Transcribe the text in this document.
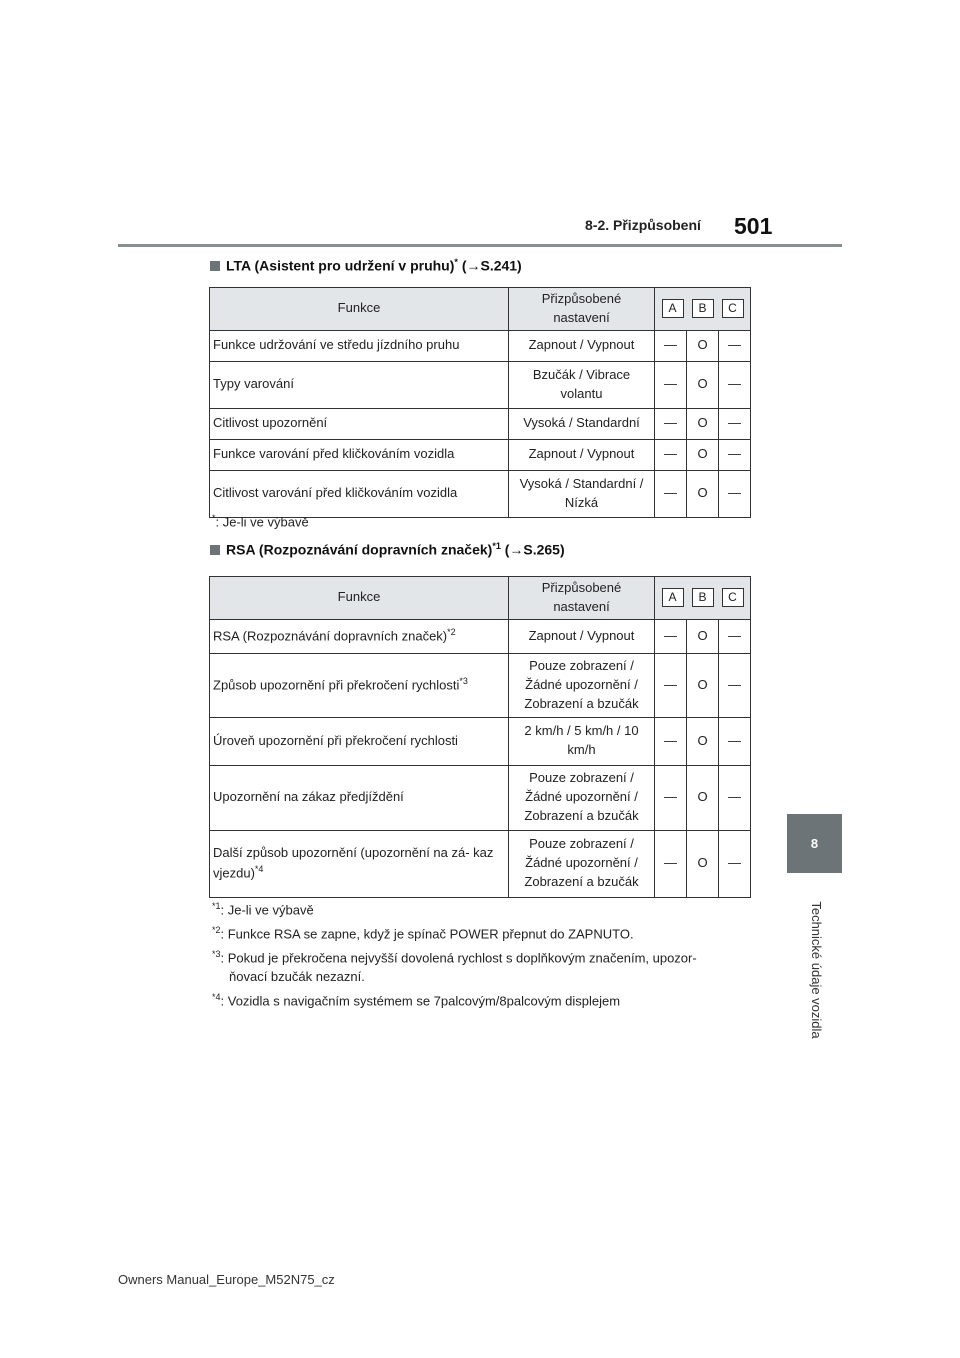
8-2. Přizpůsobení 501
8
Technické údaje vozidla
LTA (Asistent pro udržení v pruhu)* (→S.241)
Funkce	Přizpůsobené nastavení	A B C		

Funkce udržování ve středu jízdního pruhu	Zapnout / Vypnout	—	O	—
Typy varování	Bzučák / Vibrace volantu	—	O	—
Citlivost upozornění	Vysoká / Standardní	—	O	—
Funkce varování před kličkováním vozidla	Zapnout / Vypnout	—	O	—
Citlivost varování před kličkováním vozidla	Vysoká / Standardní / Nízká	—	O	—
*: Je-li ve výbavě
RSA (Rozpoznávání dopravních značek)$^{*1}$ (→S.265)
Funkce	Přizpůsobené nastavení	A B C		

RSA (Rozpoznávání dopravních značek)$^{*2}$	Zapnout / Vypnout	—	O	—
Způsob upozornění při překročení rychlosti$^{*3}$	Pouze zobrazení / Žádné upozornění / Zobrazení a bzučák	—	O	—
Úroveň upozornění při překročení rychlosti	2 km/h / 5 km/h / 10 km/h	—	O	—
Upozornění na zákaz předjíždění	Pouze zobrazení / Žádné upozornění / Zobrazení a bzučák	—	O	—
Další způsob upozornění (upozornění na zá- kaz vjezdu)$^{*4}$	Pouze zobrazení / Žádné upozornění / Zobrazení a bzučák	—	O	—
$^{*1}$: Je-li ve výbavě
$^{*2}$: Funkce RSA se zapne, když je spínač POWER přepnut do ZAPNUTO.
$^{*3}$: Pokud je překročena nejvyšší dovolená rychlost s doplňkovým značením, upozor-
ňovací bzučák nezazní.
$^{*4}$: Vozidla s navigačním systémem se 7palcovým/8palcovým displejem
Owners Manual_Europe_M52N75_cz
